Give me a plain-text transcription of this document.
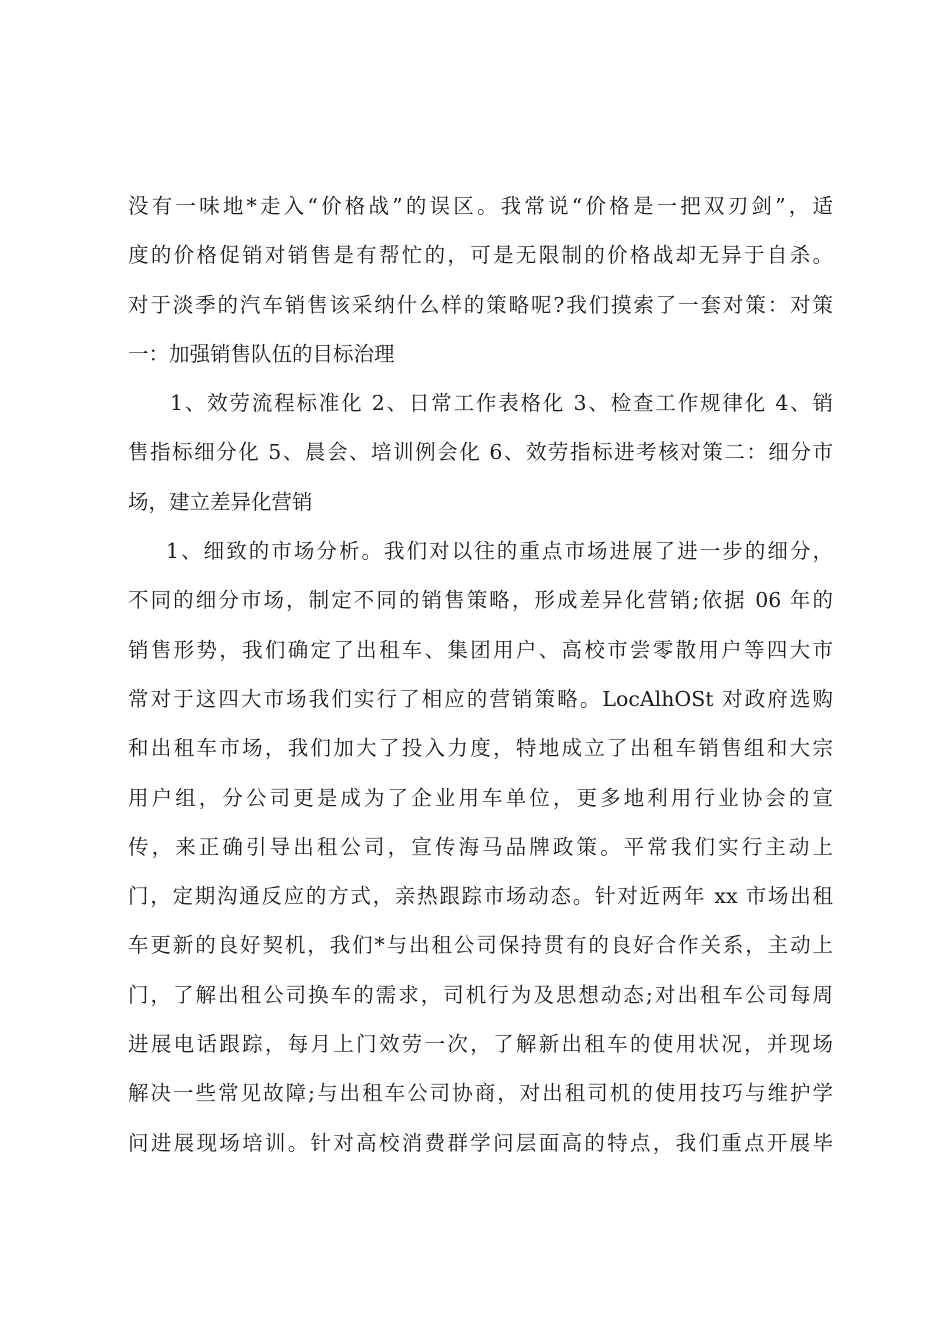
没有一味地*走入“价格战”的误区。我常说“价格是一把双刃剑”，适
度的价格促销对销售是有帮忙的，可是无限制的价格战却无异于自杀。
对于淡季的汽车销售该采纳什么样的策略呢?我们摸索了一套对策：对策
一：加强销售队伍的目标治理
1、效劳流程标准化 2、日常工作表格化 3、检查工作规律化 4、销
售指标细分化 5、晨会、培训例会化 6、效劳指标进考核对策二：细分市
场，建立差异化营销
1、细致的市场分析。我们对以往的重点市场进展了进一步的细分，
不同的细分市场，制定不同的销售策略，形成差异化营销;依据 06 年的
销售形势，我们确定了出租车、集团用户、高校市尝零散用户等四大市
常对于这四大市场我们实行了相应的营销策略。LocAlhOSt 对政府选购
和出租车市场，我们加大了投入力度，特地成立了出租车销售组和大宗
用户组，分公司更是成为了企业用车单位，更多地利用行业协会的宣
传，来正确引导出租公司，宣传海马品牌政策。平常我们实行主动上
门，定期沟通反应的方式，亲热跟踪市场动态。针对近两年 xx 市场出租
车更新的良好契机，我们*与出租公司保持贯有的良好合作关系，主动上
门，了解出租公司换车的需求，司机行为及思想动态;对出租车公司每周
进展电话跟踪，每月上门效劳一次，了解新出租车的使用状况，并现场
解决一些常见故障;与出租车公司协商，对出租司机的使用技巧与维护学
问进展现场培训。针对高校消费群学问层面高的特点，我们重点开展毕
